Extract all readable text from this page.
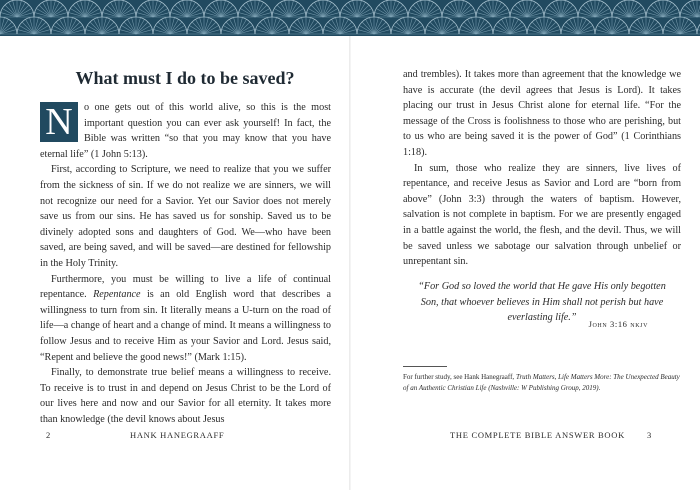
What must I do to be saved?

N	o one gets out of this world alive, so this is the most important question you can ever ask yourself! In fact, the Bible was written “so that you may know that you have eternal life” (1 John 5:13).

First, according to Scripture, we need to realize that you we suffer from the sickness of sin. If we do not realize we are sinners, we will not recognize our need for a Savior. Yet our Savior does not merely save us from our sins. He has saved us for sonship. Saved us to be divinely adopted sons and daughters of God. We—who have been saved, are being saved, and will be saved—are destined for fellowship in the Holy Trinity.

Furthermore, you must be willing to live a life of continual repentance. Repentance is an old English word that describes a willingness to turn from sin. It literally means a U-turn on the road of life—a change of heart and a change of mind. It means a willingness to follow Jesus and to receive Him as your Savior and Lord. Jesus said, “Repent and believe the good news!” (Mark 1:15).

Finally, to demonstrate true belief means a willingness to receive. To receive is to trust in and depend on Jesus Christ to be the Lord of our lives here and now and our Savior for all eternity. It takes more than knowledge (the devil knows about Jesus

2	HANK HANEGRAAFF

and trembles). It takes more than agreement that the knowledge we have is accurate (the devil agrees that Jesus is Lord). It takes placing our trust in Jesus Christ alone for eternal life. “For the message of the Cross is foolishness to those who are perishing, but to us who are being saved it is the power of God” (1 Corinthians 1:18).

In sum, those who realize they are sinners, live lives of repentance, and receive Jesus as Savior and Lord are “born from above” (John 3:3) through the waters of baptism. However, salvation is not complete in baptism. For we are presently engaged in a battle against the world, the flesh, and the devil. Thus, we will be saved unless we sabotage our salvation through unbelief or unrepentant sin.

“For God so loved the world that He gave His only begotten Son, that whoever believes in Him shall not perish but have everlasting life.”
John 3:16 nkjv
For further study, see Hank Hanegraaff, Truth Matters, Life Matters More: The Unexpected Beauty of an Authentic Christian Life (Nashville: W Publishing Group, 2019).
THE COMPLETE BIBLE ANSWER BOOK	3
